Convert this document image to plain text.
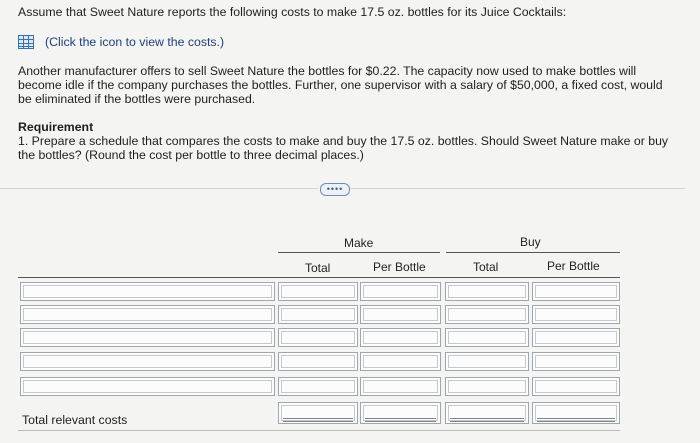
Assume that Sweet Nature reports the following costs to make 17.5 oz. bottles for its Juice Cocktails:
(Click the icon to view the costs.)
Another manufacturer offers to sell Sweet Nature the bottles for $0.22. The capacity now used to make bottles will
become idle if the company purchases the bottles. Further, one supervisor with a salary of $50,000, a fixed cost, would
be eliminated if the bottles were purchased.
Requirement
1. Prepare a schedule that compares the costs to make and buy the 17.5 oz. bottles. Should Sweet Nature make or buy
the bottles? (Round the cost per bottle to three decimal places.)
••••
Make	Buy
Total	Per Bottle	Total	Per Bottle
Total relevant costs
